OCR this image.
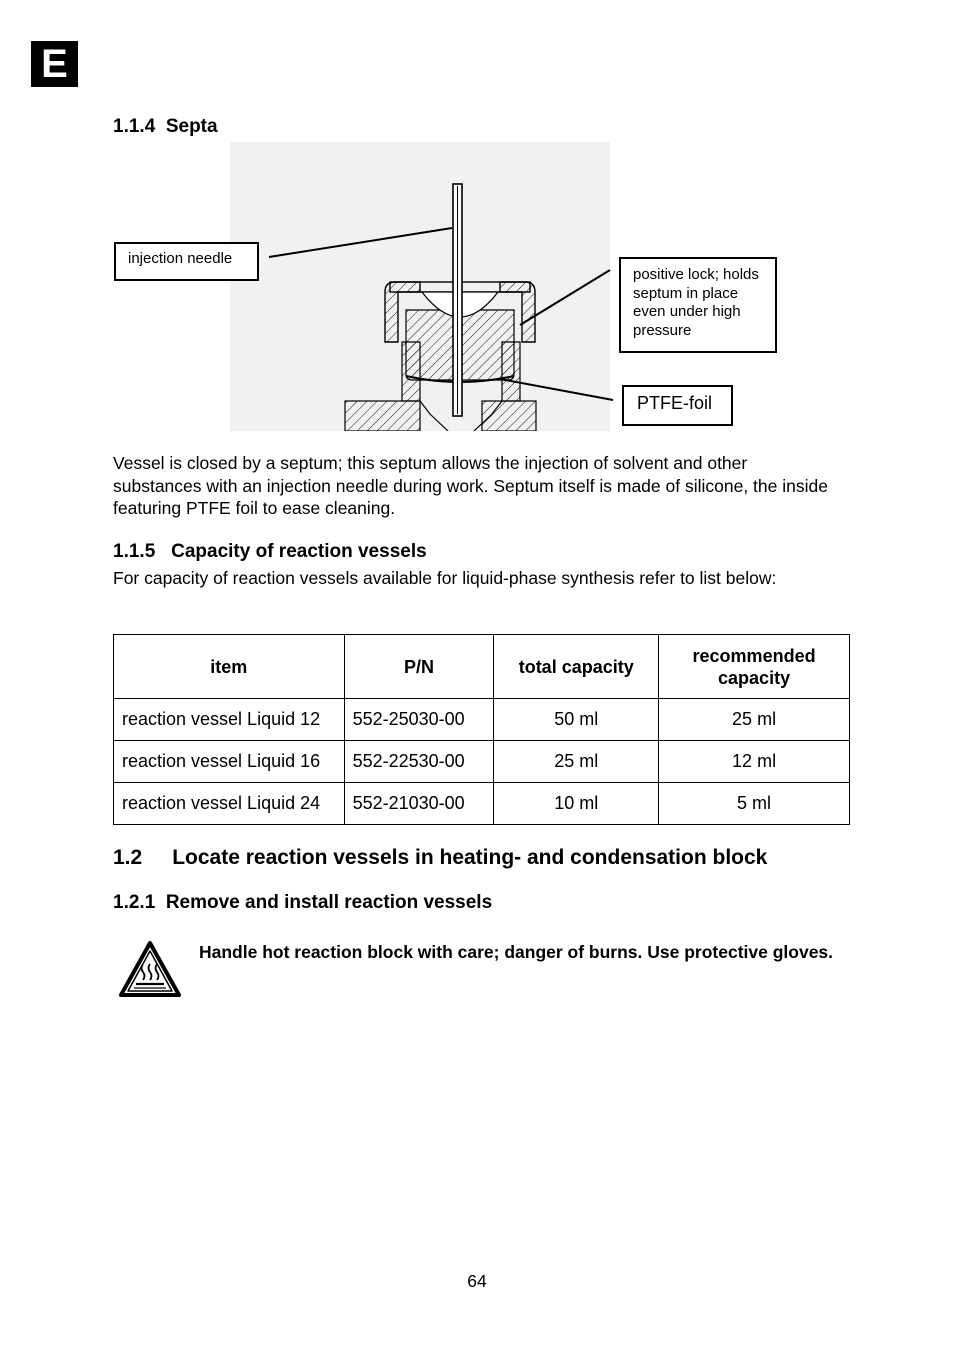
E
1.1.4 Septa
injection needle
positive lock; holds septum in place even under high pressure
PTFE-foil

Vessel is closed by a septum; this septum allows the injection of solvent and other substances with an injection needle during work. Septum itself is made of silicone, the inside featuring PTFE foil to ease cleaning.

1.1.5 Capacity of reaction vessels

For capacity of reaction vessels available for liquid-phase synthesis refer to list below:

item	P/N	total capacity	recommended capacity
reaction vessel Liquid 12	552-25030-00	50 ml	25 ml
reaction vessel Liquid 16	552-22530-00	25 ml	12 ml
reaction vessel Liquid 24	552-21030-00	10 ml	5 ml
1.2 Locate reaction vessels in heating- and condensation block
1.2.1 Remove and install reaction vessels

Handle hot reaction block with care; danger of burns. Use protective gloves.

64
